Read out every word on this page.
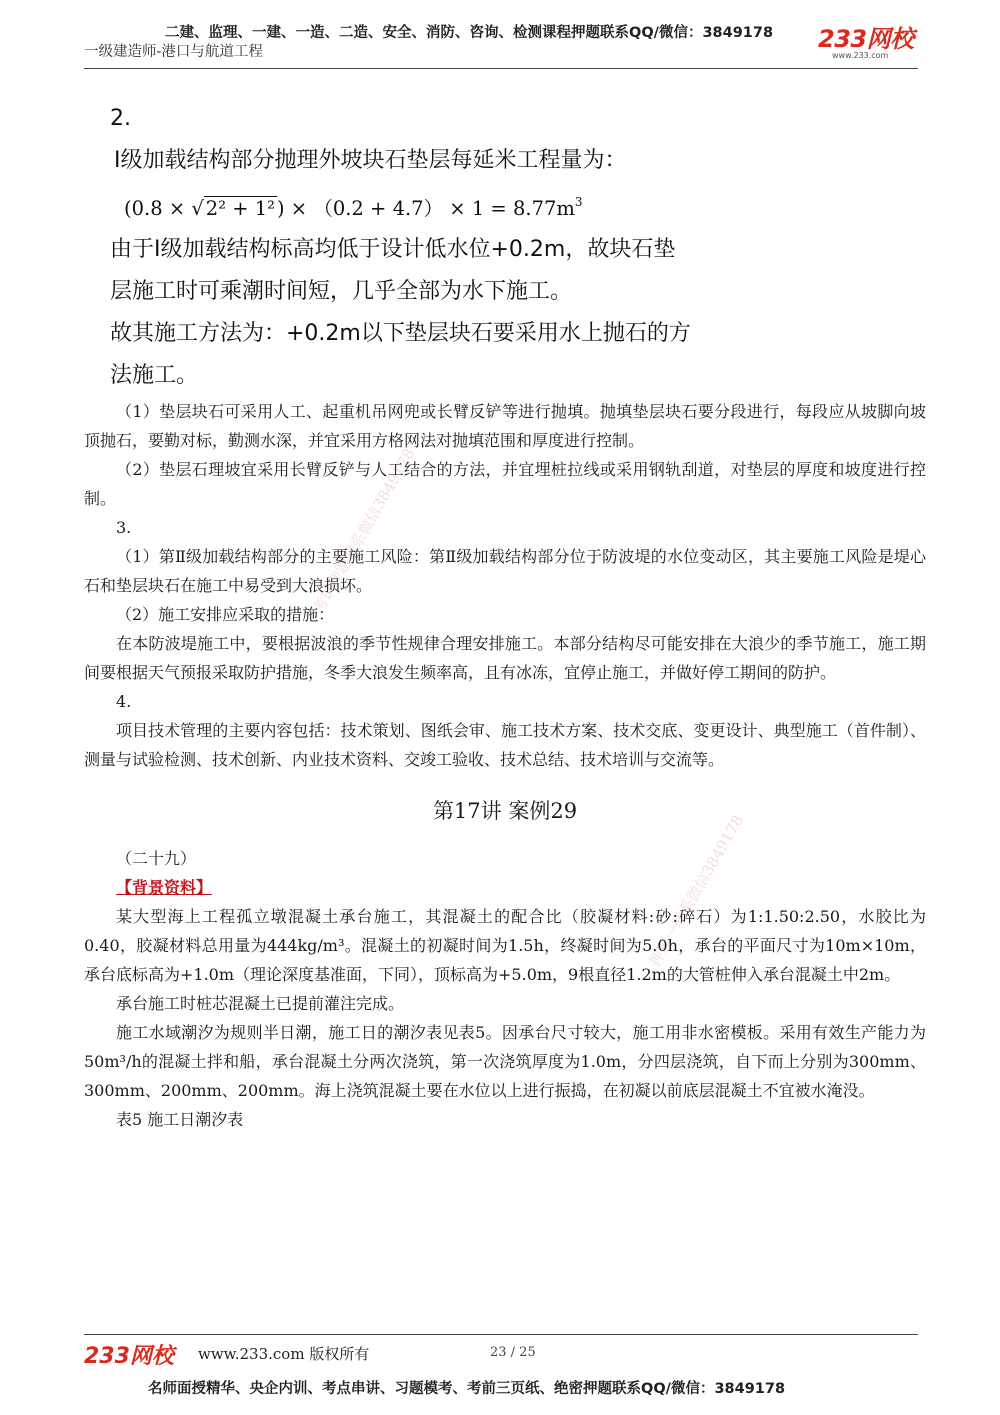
二建、监理、一建、一造、二造、安全、消防、咨询、检测课程押题联系QQ/微信：3849178
一级建造师-港口与航道工程	233网校
www.233.com
考试押题联系微信3849178
押题一联系微信3849178
2.
Ⅰ级加载结构部分抛理外坡块石垫层每延米工程量为：
(0.8 × √ 2² + 1² ) × $(0.2 + 4.7) \times 1 = 8.77m^3$
由于Ⅰ级加载结构标高均低于设计低水位+0.2m，故块石垫
层施工时可乘潮时间短，几乎全部为水下施工。
故其施工方法为：+0.2m以下垫层块石要采用水上抛石的方
法施工。

（1）垫层块石可采用人工、起重机吊网兜或长臂反铲等进行抛填。抛填垫层块石要分段进行，每段应从坡脚向坡顶抛石，要勤对标，勤测水深，并宜采用方格网法对抛填范围和厚度进行控制。

（2）垫层石理坡宜采用长臂反铲与人工结合的方法，并宜埋桩拉线或采用钢轨刮道，对垫层的厚度和坡度进行控制。

3.

（1）第Ⅱ级加载结构部分的主要施工风险：第Ⅱ级加载结构部分位于防波堤的水位变动区，其主要施工风险是堤心石和垫层块石在施工中易受到大浪损坏。

（2）施工安排应采取的措施：

在本防波堤施工中，要根据波浪的季节性规律合理安排施工。本部分结构尽可能安排在大浪少的季节施工，施工期间要根据天气预报采取防护措施，冬季大浪发生频率高，且有冰冻，宜停止施工，并做好停工期间的防护。

4.

项目技术管理的主要内容包括：技术策划、图纸会审、施工技术方案、技术交底、变更设计、典型施工（首件制）、测量与试验检测、技术创新、内业技术资料、交竣工验收、技术总结、技术培训与交流等。

第17讲 案例29
（二十九）
【背景资料】

某大型海上工程孤立墩混凝土承台施工，其混凝土的配合比（胶凝材料:砂:碎石）为1:1.50:2.50，水胶比为0.40，胶凝材料总用量为444kg/m³。混凝土的初凝时间为1.5h，终凝时间为5.0h，承台的平面尺寸为10m×10m，承台底标高为+1.0m（理论深度基准面，下同），顶标高为+5.0m，9根直径1.2m的大管桩伸入承台混凝土中2m。

承台施工时桩芯混凝土已提前灌注完成。

施工水域潮汐为规则半日潮，施工日的潮汐表见表5。因承台尺寸较大，施工用非水密模板。采用有效生产能力为50m³/h的混凝土拌和船，承台混凝土分两次浇筑，第一次浇筑厚度为1.0m，分四层浇筑，自下而上分别为300mm、300mm、200mm、200mm。海上浇筑混凝土要在水位以上进行振捣，在初凝以前底层混凝土不宜被水淹没。

表5 施工日潮汐表
233网校 www.233.com 版权所有	23 / 25
名师面授精华、央企内训、考点串讲、习题模考、考前三页纸、绝密押题联系QQ/微信：3849178
